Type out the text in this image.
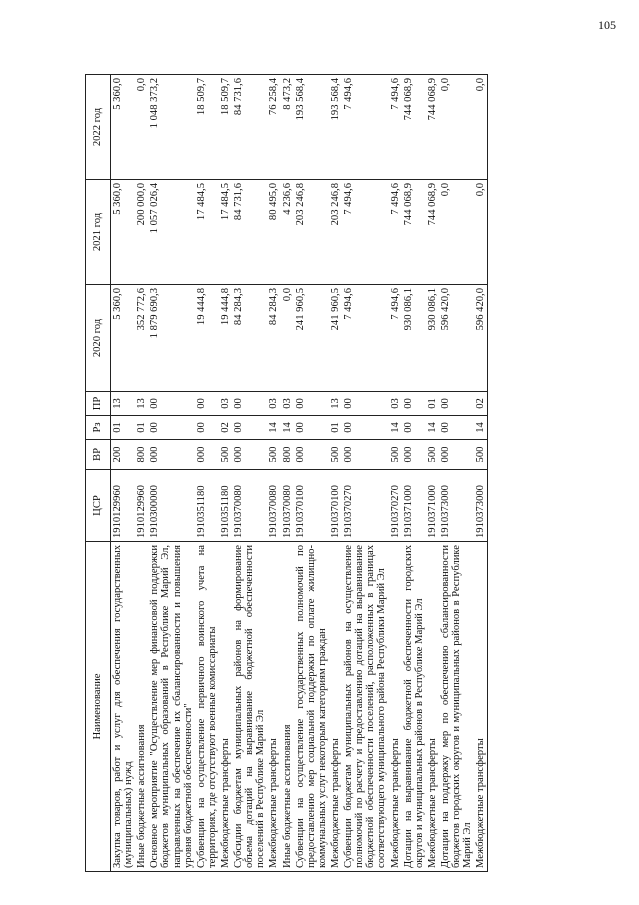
105
Наименование	ЦСР	ВР	Рз	ПР	2020 год	2021 год	2022 год
Закупка товаров, работ и услуг для обеспечения государственных (муниципальных) нужд	1910129960	200	01	13	5 360,0	5 360,0	5 360,0
Иные бюджетные ассигнования	1910129960	800	01	13	352 772,6	200 000,0	0,0
Основное мероприятие "Осуществление мер финансовой поддержки бюджетов муниципальных образований в Республике Марий Эл, направленных на обеспечение их сбалансированности и повышения уровня бюджетной обеспеченности"	1910300000	000	00	00	1 879 690,3	1 057 026,4	1 048 373,2
Субвенции на осуществление первичного воинского учета на территориях, где отсутствуют военные комиссариаты	1910351180	000	00	00	19 444,8	17 484,5	18 509,7
Межбюджетные трансферты	1910351180	500	02	03	19 444,8	17 484,5	18 509,7
Субсидии бюджетам муниципальных районов на формирование объема дотаций на выравнивание бюджетной обеспеченности поселений в Республике Марий Эл	1910370080	000	00	00	84 284,3	84 731,6	84 731,6
Межбюджетные трансферты	1910370080	500	14	03	84 284,3	80 495,0	76 258,4
Иные бюджетные ассигнования	1910370080	800	14	03	0,0	4 236,6	8 473,2
Субвенции на осуществление государственных полномочий по предоставлению мер социальной поддержки по оплате жилищно-коммунальных услуг некоторым категориям граждан	1910370100	000	00	00	241 960,5	203 246,8	193 568,4
Межбюджетные трансферты	1910370100	500	01	13	241 960,5	203 246,8	193 568,4
Субвенции бюджетам муниципальных районов на осуществление полномочий по расчету и предоставлению дотаций на выравнивание бюджетной обеспеченности поселений, расположенных в границах соответствующего муниципального района Республики Марий Эл	1910370270	000	00	00	7 494,6	7 494,6	7 494,6
Межбюджетные трансферты	1910370270	500	14	03	7 494,6	7 494,6	7 494,6
Дотации на выравнивание бюджетной обеспеченности городских округов и муниципальных районов в Республике Марий Эл	1910371000	000	00	00	930 086,1	744 068,9	744 068,9
Межбюджетные трансферты	1910371000	500	14	01	930 086,1	744 068,9	744 068,9
Дотации на поддержку мер по обеспечению сбалансированности бюджетов городских округов и муниципальных районов в Республике Марий Эл	1910373000	000	00	00	596 420,0	0,0	0,0
Межбюджетные трансферты	1910373000	500	14	02	596 420,0	0,0	0,0
